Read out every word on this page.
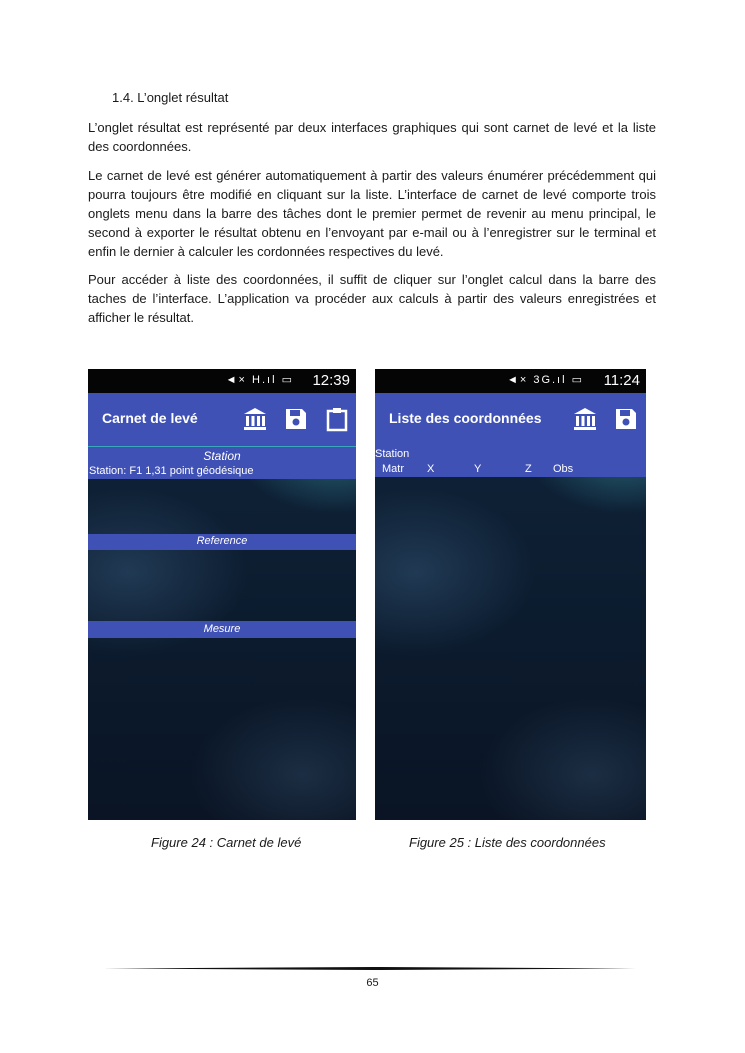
1.4. L’onglet résultat

L’onglet résultat est représenté par deux interfaces graphiques qui sont carnet de levé et la liste des coordonnées.

Le carnet de levé est générer automatiquement à partir des valeurs énumérer précédemment qui pourra toujours être modifié en cliquant sur la liste. L’interface de carnet de levé comporte trois onglets menu dans la barre des tâches dont le premier permet de revenir au menu principal, le second à exporter le résultat obtenu en l’envoyant par e-mail ou à l’enregistrer sur le terminal et enfin le dernier à calculer les cordonnées respectives du levé.

Pour accéder à liste des coordonnées, il suffit de cliquer sur l’onglet calcul dans la barre des taches de l’interface. L’application va procéder aux calculs à partir des valeurs enregistrées et afficher le résultat.

◄× H.ıl ▭ 12:39
Carnet de levé
Station
Station: F1 1,31 point géodésique
Reference
Mesure
◄× 3G.ıl ▭ 11:24
Liste des coordonnées
Station
Matr X	Y	Z Obs
Figure 24 : Carnet de levé	Figure 25 : Liste des coordonnées
65
